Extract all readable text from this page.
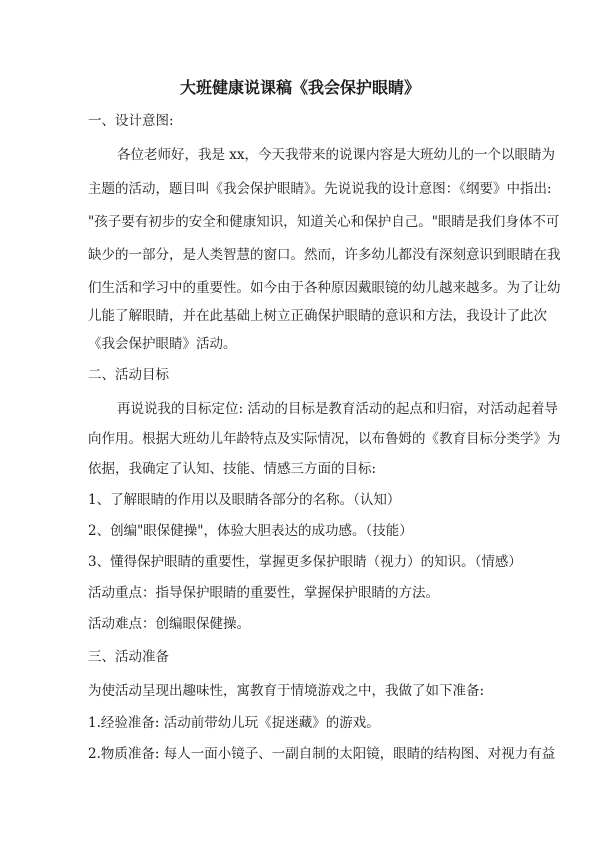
大班健康说课稿《我会保护眼睛》
一、设计意图:
各位老师好，我是 xx，今天我带来的说课内容是大班幼儿的一个以眼睛为
主题的活动，题目叫《我会保护眼睛》。先说说我的设计意图：《纲要》中指出:
"孩子要有初步的安全和健康知识，知道关心和保护自己。"眼睛是我们身体不可
缺少的一部分，是人类智慧的窗口。然而，许多幼儿都没有深刻意识到眼睛在我
们生活和学习中的重要性。如今由于各种原因戴眼镜的幼儿越来越多。为了让幼
儿能了解眼睛，并在此基础上树立正确保护眼睛的意识和方法，我设计了此次
《我会保护眼睛》活动。
二、活动目标
再说说我的目标定位: 活动的目标是教育活动的起点和归宿，对活动起着导
向作用。根据大班幼儿年龄特点及实际情况，以布鲁姆的《教育目标分类学》为
依据，我确定了认知、技能、情感三方面的目标:
1、了解眼睛的作用以及眼睛各部分的名称。（认知）
2、创编"眼保健操"，体验大胆表达的成功感。（技能）
3、懂得保护眼睛的重要性，掌握更多保护眼睛（视力）的知识。（情感）
活动重点：指导保护眼睛的重要性，掌握保护眼睛的方法。
活动难点：创编眼保健操。
三、活动准备
为使活动呈现出趣味性，寓教育于情境游戏之中，我做了如下准备:
1.经验准备: 活动前带幼儿玩《捉迷藏》的游戏。
2.物质准备: 每人一面小镜子、一副自制的太阳镜，眼睛的结构图、对视力有益
